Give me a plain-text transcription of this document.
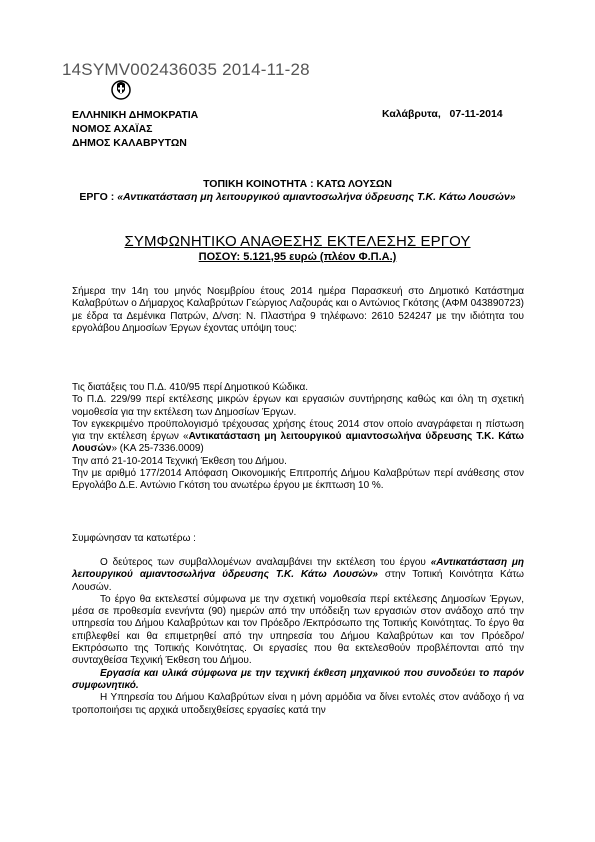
14SYMV002436035 2014-11-28
ΕΛΛΗΝΙΚΗ ΔΗΜΟΚΡΑΤΙΑ
ΝΟΜΟΣ ΑΧΑΪΑΣ
ΔΗΜΟΣ ΚΑΛΑΒΡΥΤΩΝ
Καλάβρυτα,   07-11-2014
ΤΟΠΙΚΗ ΚΟΙΝΟΤΗΤΑ : ΚΑΤΩ ΛΟΥΣΩΝ
ΕΡΓΟ : «Αντικατάσταση μη λειτουργικού αμιαντοσωλήνα ύδρευσης Τ.Κ. Κάτω Λουσών»
ΣΥΜΦΩΝΗΤΙΚΟ ΑΝΑΘΕΣΗΣ ΕΚΤΕΛΕΣΗΣ ΕΡΓΟΥ
ΠΟΣΟΥ: 5.121,95 ευρώ (πλέον Φ.Π.Α.)

Σήμερα την 14η του μηνός Νοεμβρίου έτους 2014 ημέρα Παρασκευή στο Δημοτικό Κατάστημα Καλαβρύτων ο Δήμαρχος Καλαβρύτων Γεώργιος Λαζουράς και ο Αντώνιος Γκότσης (ΑΦΜ 043890723) με έδρα τα Δεμένικα Πατρών, Δ/νση: Ν. Πλαστήρα 9 τηλέφωνο: 2610 524247 με την ιδιότητα του εργολάβου Δημοσίων Έργων έχοντας υπόψη τους:

Τις διατάξεις του Π.Δ. 410/95 περί Δημοτικού Κώδικα.

Το Π.Δ. 229/99 περί εκτέλεσης μικρών έργων και εργασιών συντήρησης καθώς και όλη τη σχετική νομοθεσία για την εκτέλεση των Δημοσίων Έργων.

Τον εγκεκριμένο προϋπολογισμό τρέχουσας χρήσης έτους 2014 στον οποίο αναγράφεται η πίστωση για την εκτέλεση έργων «Αντικατάσταση μη λειτουργικού αμιαντοσωλήνα ύδρευσης Τ.Κ. Κάτω Λουσών» (ΚΑ 25-7336.0009)

Την από 21-10-2014 Τεχνική Έκθεση του Δήμου.

Την με αριθμό 177/2014 Απόφαση Οικονομικής Επιτροπής Δήμου Καλαβρύτων περί ανάθεσης στον Εργολάβο Δ.Ε. Αντώνιο Γκότση του ανωτέρω έργου με έκπτωση 10 %.

Συμφώνησαν τα κατωτέρω :

Ο δεύτερος των συμβαλλομένων αναλαμβάνει την εκτέλεση του έργου «Αντικατάσταση μη λειτουργικού αμιαντοσωλήνα ύδρευσης Τ.Κ. Κάτω Λουσών» στην Τοπική Κοινότητα Κάτω Λουσών.

Το έργο θα εκτελεστεί σύμφωνα με την σχετική νομοθεσία περί εκτέλεσης Δημοσίων Έργων, μέσα σε προθεσμία ενενήντα (90) ημερών από την υπόδειξη των εργασιών στον ανάδοχο από την υπηρεσία του Δήμου Καλαβρύτων και τον Πρόεδρο /Εκπρόσωπο της Τοπικής Κοινότητας. Το έργο θα επιβλεφθεί και θα επιμετρηθεί από την υπηρεσία του Δήμου Καλαβρύτων και τον Πρόεδρο/Εκπρόσωπο της Τοπικής Κοινότητας. Οι εργασίες που θα εκτελεσθούν προβλέπονται από την συνταχθείσα Τεχνική Έκθεση του Δήμου.

Εργασία και υλικά σύμφωνα με την τεχνική έκθεση μηχανικού που συνοδεύει το παρόν συμφωνητικό.

Η Υπηρεσία του Δήμου Καλαβρύτων είναι η μόνη αρμόδια να δίνει εντολές στον ανάδοχο ή να τροποποιήσει τις αρχικά υποδειχθείσες εργασίες κατά την
